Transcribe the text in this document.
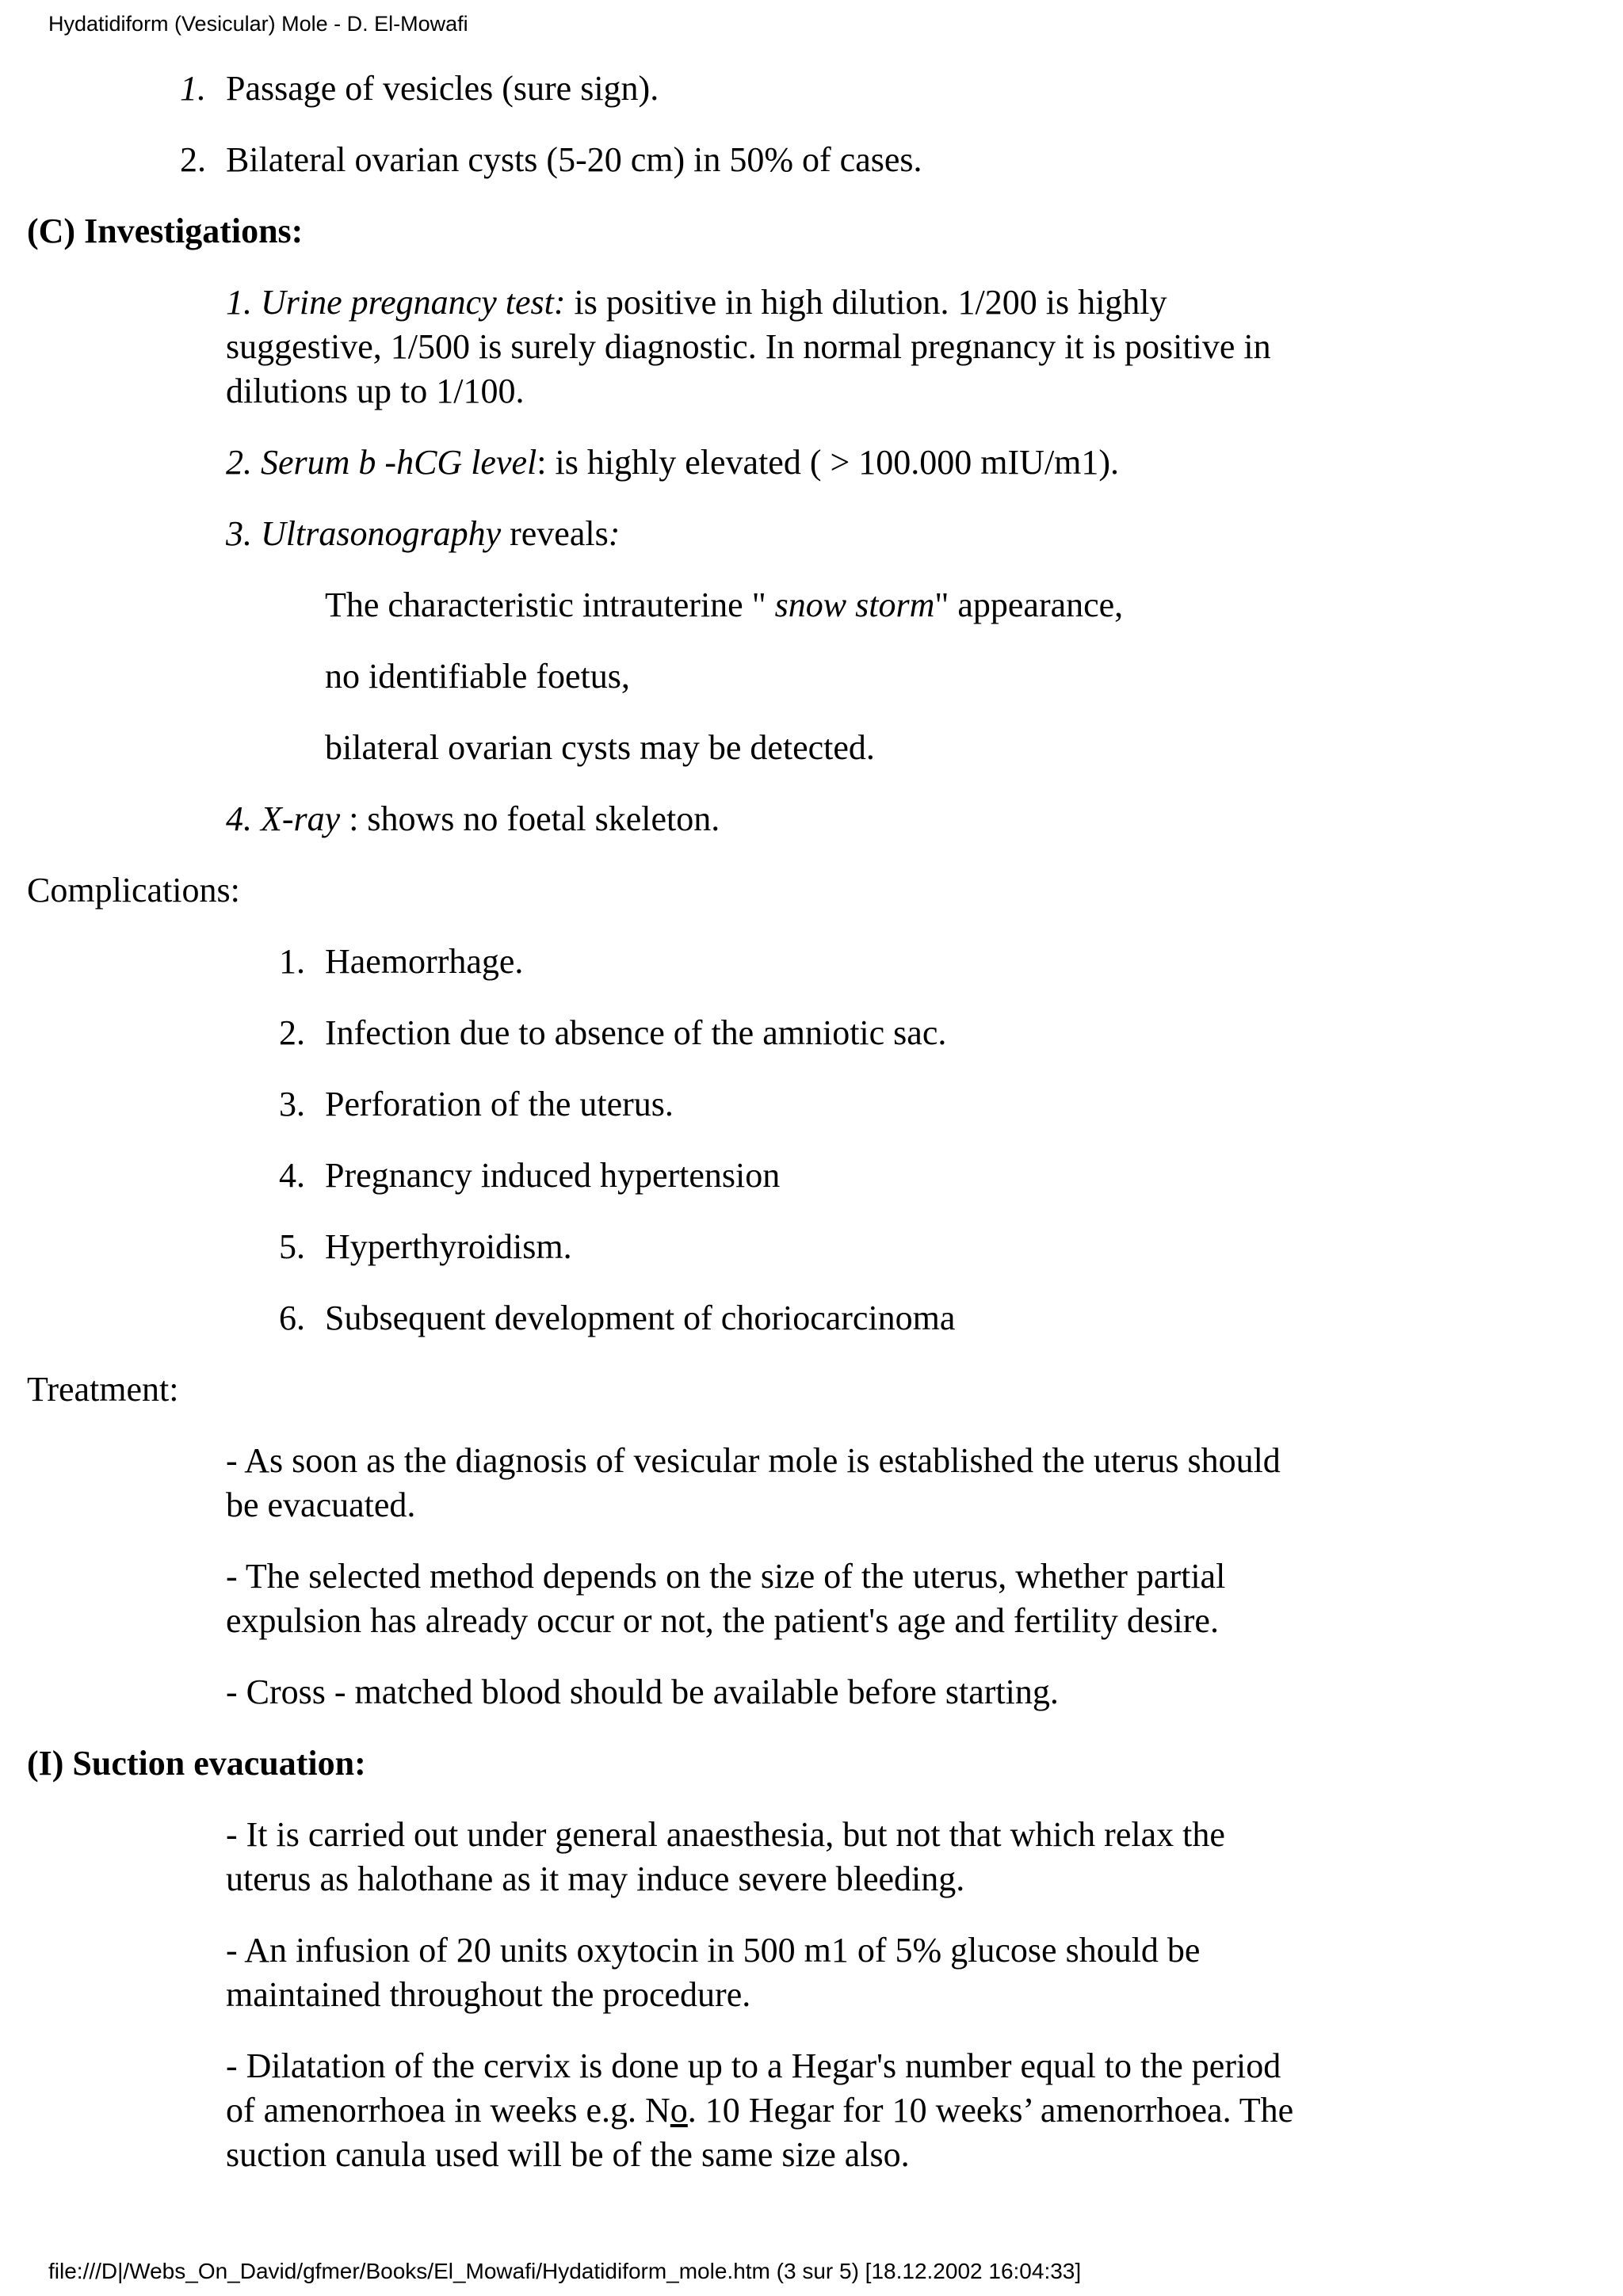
Hydatidiform (Vesicular) Mole - D. El-Mowafi
1. Passage of vesicles (sure sign).
2. Bilateral ovarian cysts (5-20 cm) in 50% of cases.
(C) Investigations:
1. Urine pregnancy test: is positive in high dilution. 1/200 is highly
suggestive, 1/500 is surely diagnostic. In normal pregnancy it is positive in
dilutions up to 1/100.
2. Serum b -hCG level: is highly elevated ( > 100.000 mIU/m1).
3. Ultrasonography reveals:
The characteristic intrauterine " snow storm" appearance,
no identifiable foetus,
bilateral ovarian cysts may be detected.
4. X-ray : shows no foetal skeleton.
Complications:
1. Haemorrhage.
2. Infection due to absence of the amniotic sac.
3. Perforation of the uterus.
4. Pregnancy induced hypertension
5. Hyperthyroidism.
6. Subsequent development of choriocarcinoma
Treatment:
- As soon as the diagnosis of vesicular mole is established the uterus should
be evacuated.
- The selected method depends on the size of the uterus, whether partial
expulsion has already occur or not, the patient's age and fertility desire.
- Cross - matched blood should be available before starting.
(I) Suction evacuation:
- It is carried out under general anaesthesia, but not that which relax the
uterus as halothane as it may induce severe bleeding.
- An infusion of 20 units oxytocin in 500 m1 of 5% glucose should be
maintained throughout the procedure.
- Dilatation of the cervix is done up to a Hegar's number equal to the period
of amenorrhoea in weeks e.g. No. 10 Hegar for 10 weeks’ amenorrhoea. The
suction canula used will be of the same size also.
file:///D|/Webs_On_David/gfmer/Books/El_Mowafi/Hydatidiform_mole.htm (3 sur 5) [18.12.2002 16:04:33]
